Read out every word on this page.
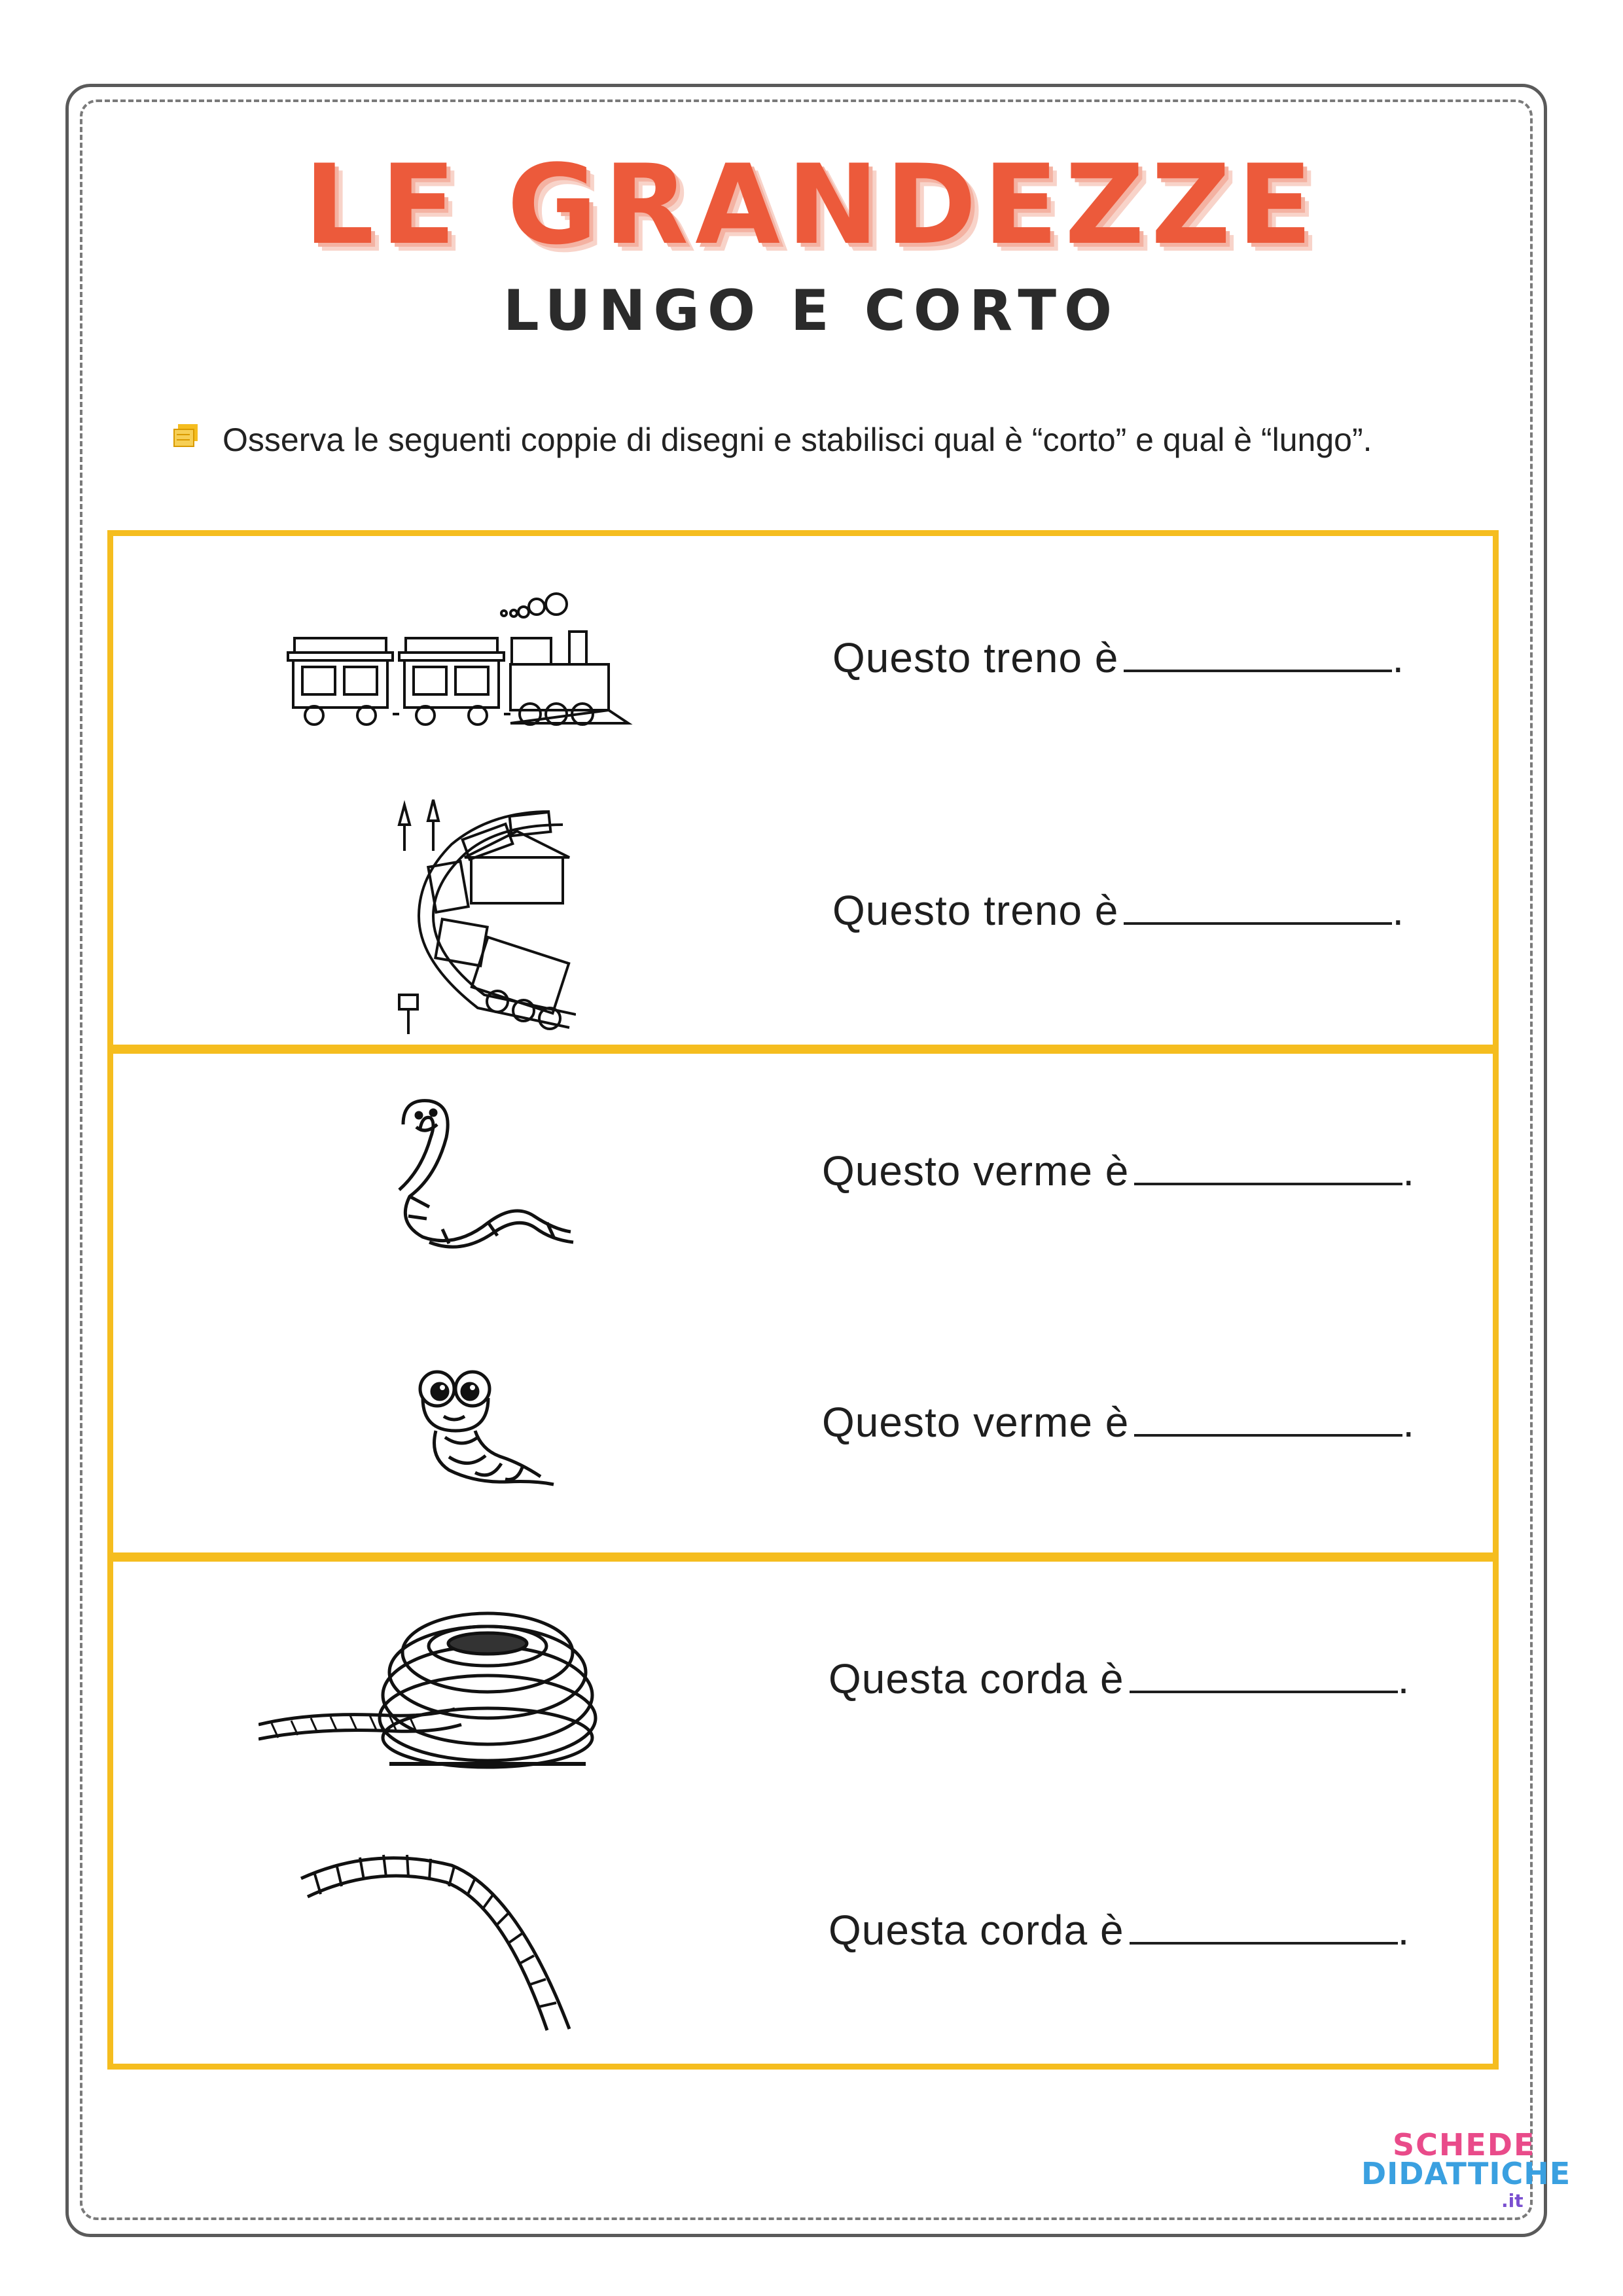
LE GRANDEZZE
LUNGO E CORTO
Osserva le seguenti coppie di disegni e stabilisci qual è “corto” e qual è “lungo”.
Questo treno è	.
Questo treno è	.
Questo verme è	.
Questo verme è	.
Questa corda è	.
Questa corda è	.
SCHEDE
DIDATTICHE
.it
